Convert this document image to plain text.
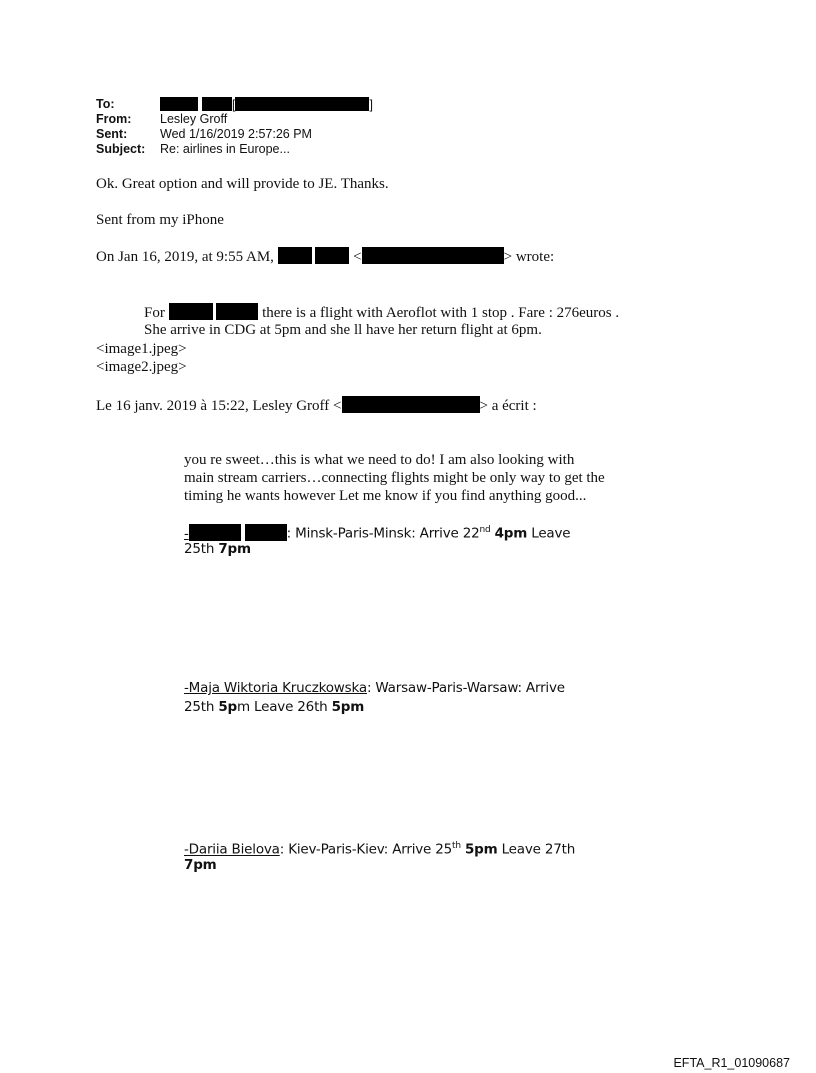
To:	[	]
From: Lesley Groff
Sent:	Wed 1/16/2019 2:57:26 PM
Subject: Re: airlines in Europe...
Ok. Great option and will provide to JE. Thanks.
Sent from my iPhone
On Jan 16, 2019, at 9:55 AM,	<	> wrote:
For	there is a flight with Aeroflot with 1 stop . Fare : 276euros .
She arrive in CDG at 5pm and she ll have her return flight at 6pm.
<image1.jpeg>
<image2.jpeg>
Le 16 janv. 2019 à 15:22, Lesley Groff <	> a écrit :
you re sweet…this is what we need to do! I am also looking with
main stream carriers…connecting flights might be only way to get the
timing he wants however Let me know if you find anything good...
-	: Minsk-Paris-Minsk: Arrive 22nd 4pm Leave
25th 7pm
-Maja Wiktoria Kruczkowska: Warsaw-Paris-Warsaw: Arrive
25th 5pm Leave 26th 5pm
-Dariia Bielova: Kiev-Paris-Kiev: Arrive 25th 5pm Leave 27th
7pm
EFTA_R1_01090687
